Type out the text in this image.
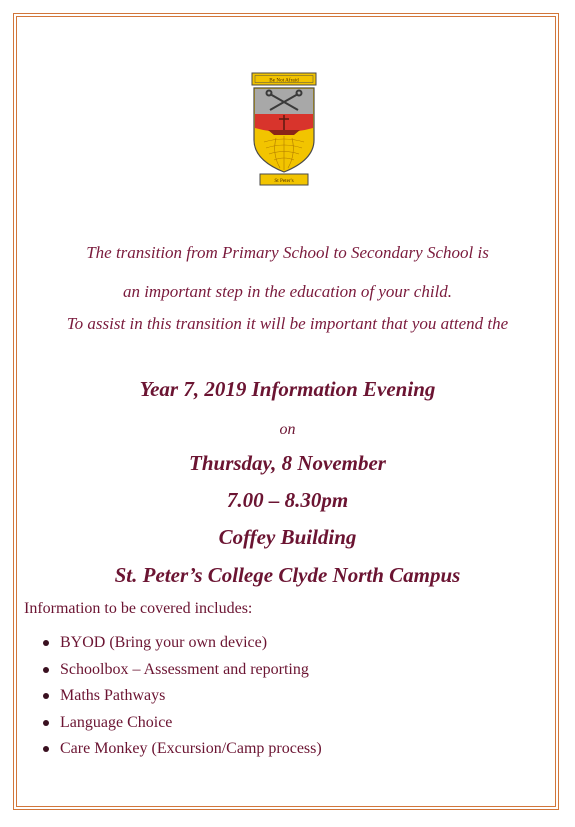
Be Not Afraid
St Peter's
The transition from Primary School to Secondary School is
an important step in the education of your child.
To assist in this transition it will be important that you attend the
Year 7, 2019 Information Evening
on
Thursday, 8 November
7.00 – 8.30pm
Coffey Building
St. Peter’s College Clyde North Campus
Information to be covered includes:
BYOD (Bring your own device)
Schoolbox – Assessment and reporting
Maths Pathways
Language Choice
Care Monkey (Excursion/Camp process)
